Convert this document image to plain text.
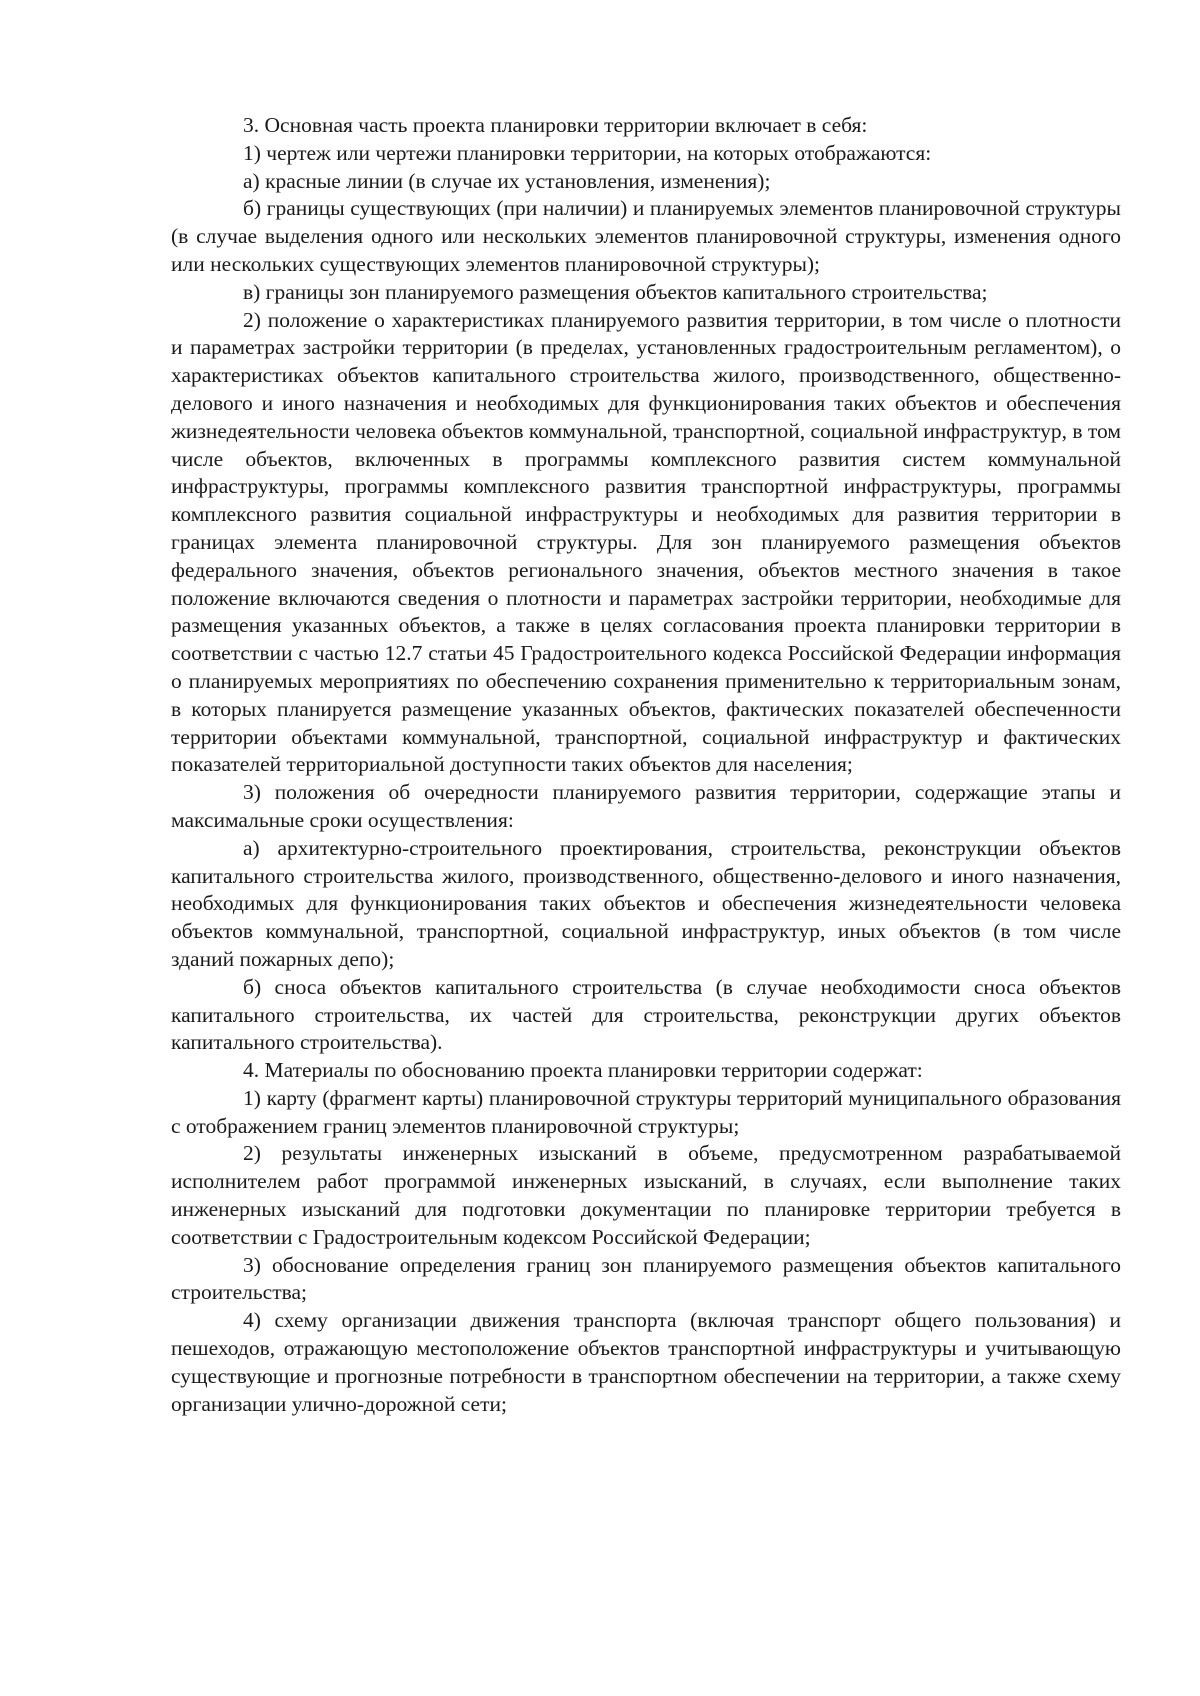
3. Основная часть проекта планировки территории включает в себя:

1) чертеж или чертежи планировки территории, на которых отображаются:

а) красные линии (в случае их установления, изменения);

б) границы существующих (при наличии) и планируемых элементов планировочной структуры (в случае выделения одного или нескольких элементов планировочной структуры, изменения одного или нескольких существующих элементов планировочной структуры);

в) границы зон планируемого размещения объектов капитального строительства;

2) положение о характеристиках планируемого развития территории, в том числе о плотности и параметрах застройки территории (в пределах, установленных градостроительным регламентом), о характеристиках объектов капитального строительства жилого, производственного, общественно-делового и иного назначения и необходимых для функционирования таких объектов и обеспечения жизнедеятельности человека объектов коммунальной, транспортной, социальной инфраструктур, в том числе объектов, включенных в программы комплексного развития систем коммунальной инфраструктуры, программы комплексного развития транспортной инфраструктуры, программы комплексного развития социальной инфраструктуры и необходимых для развития территории в границах элемента планировочной структуры. Для зон планируемого размещения объектов федерального значения, объектов регионального значения, объектов местного значения в такое положение включаются сведения о плотности и параметрах застройки территории, необходимые для размещения указанных объектов, а также в целях согласования проекта планировки территории в соответствии с частью 12.7 статьи 45 Градостроительного кодекса Российской Федерации информация о планируемых мероприятиях по обеспечению сохранения применительно к территориальным зонам, в которых планируется размещение указанных объектов, фактических показателей обеспеченности территории объектами коммунальной, транспортной, социальной инфраструктур и фактических показателей территориальной доступности таких объектов для населения;

3) положения об очередности планируемого развития территории, содержащие этапы и максимальные сроки осуществления:

а) архитектурно-строительного проектирования, строительства, реконструкции объектов капитального строительства жилого, производственного, общественно-делового и иного назначения, необходимых для функционирования таких объектов и обеспечения жизнедеятельности человека объектов коммунальной, транспортной, социальной инфраструктур, иных объектов (в том числе зданий пожарных депо);

б) сноса объектов капитального строительства (в случае необходимости сноса объектов капитального строительства, их частей для строительства, реконструкции других объектов капитального строительства).

4. Материалы по обоснованию проекта планировки территории содержат:

1) карту (фрагмент карты) планировочной структуры территорий муниципального образования с отображением границ элементов планировочной структуры;

2) результаты инженерных изысканий в объеме, предусмотренном разрабатываемой исполнителем работ программой инженерных изысканий, в случаях, если выполнение таких инженерных изысканий для подготовки документации по планировке территории требуется в соответствии с Градостроительным кодексом Российской Федерации;

3) обоснование определения границ зон планируемого размещения объектов капитального строительства;

4) схему организации движения транспорта (включая транспорт общего пользования) и пешеходов, отражающую местоположение объектов транспортной инфраструктуры и учитывающую существующие и прогнозные потребности в транспортном обеспечении на территории, а также схему организации улично-дорожной сети;
